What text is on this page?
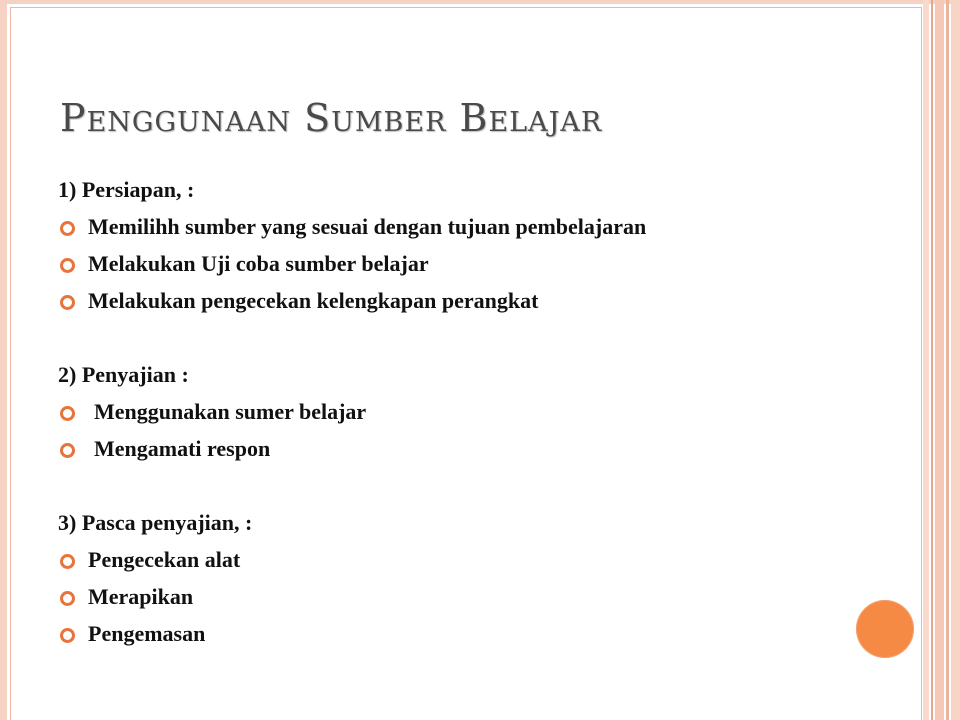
Penggunaan Sumber Belajar
1) Persiapan, :
Memilihh sumber yang sesuai dengan tujuan pembelajaran
Melakukan Uji coba sumber belajar
Melakukan pengecekan kelengkapan perangkat
2) Penyajian :
Menggunakan sumer belajar
Mengamati respon
3) Pasca penyajian, :
Pengecekan alat
Merapikan
Pengemasan
